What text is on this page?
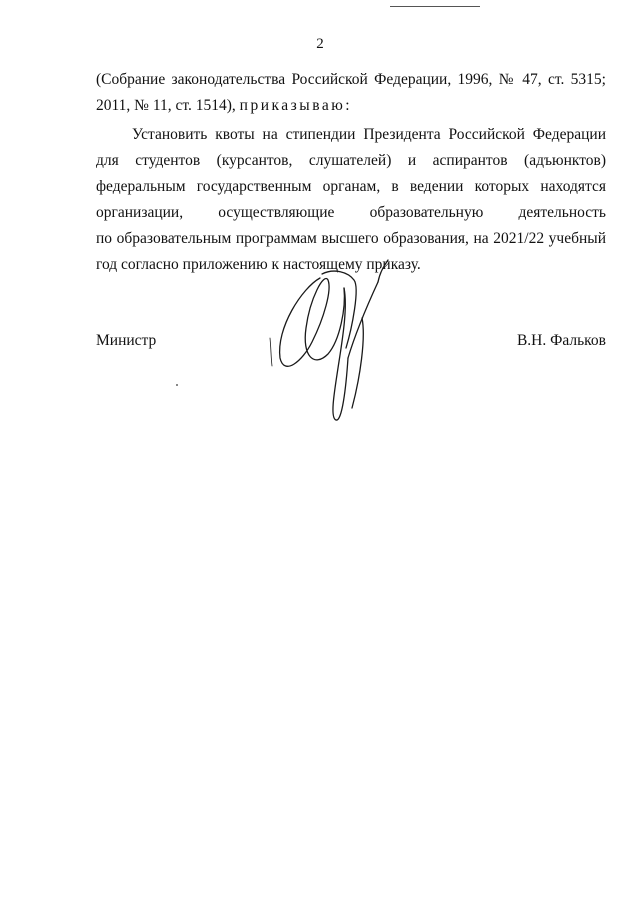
2
(Собрание законодательства Российской Федерации, 1996, № 47, ст. 5315;
2011, № 11, ст. 1514), приказываю:
Установить квоты на стипендии Президента Российской Федерации
для студентов (курсантов, слушателей) и аспирантов (адъюнктов)
федеральным государственным органам, в ведении которых находятся
организации, осуществляющие образовательную деятельность
по образовательным программам высшего образования, на 2021/22 учебный
год согласно приложению к настоящему приказу.
Министр	В.Н. Фальков
